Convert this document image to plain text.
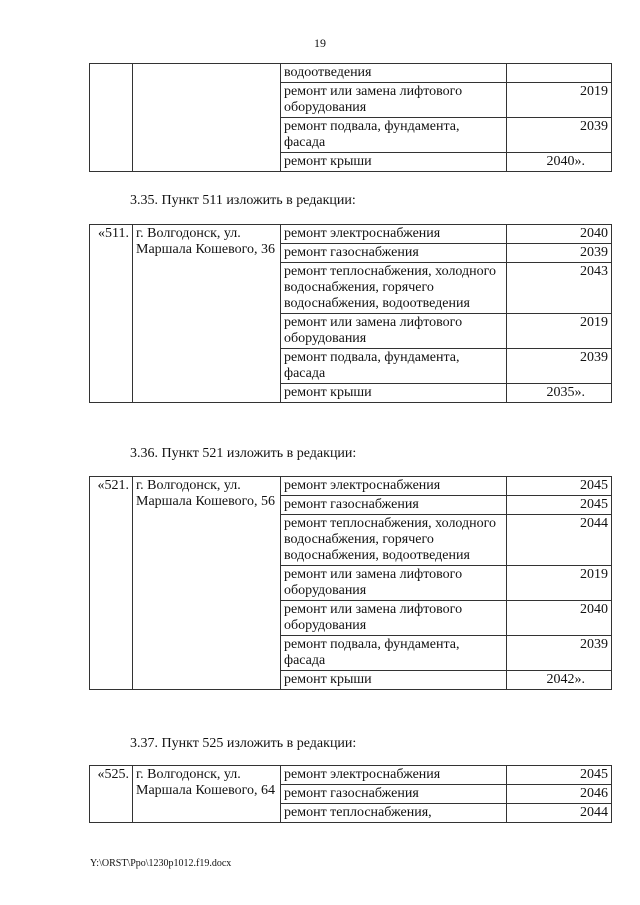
19
		водоотведения	
		ремонт или замена лифтового оборудования	2019
		ремонт подвала, фундамента, фасада	2039
		ремонт крыши	2040».
3.35. Пункт 511 изложить в редакции:
«511.	г. Волгодонск, ул. Маршала Кошевого, 36	ремонт электроснабжения	2040
		ремонт газоснабжения	2039
		ремонт теплоснабжения, холодного водоснабжения, горячего водоснабжения, водоотведения	2043
		ремонт или замена лифтового оборудования	2019
		ремонт подвала, фундамента, фасада	2039
		ремонт крыши	2035».
3.36. Пункт 521 изложить в редакции:
«521.	г. Волгодонск, ул. Маршала Кошевого, 56	ремонт электроснабжения	2045
		ремонт газоснабжения	2045
		ремонт теплоснабжения, холодного водоснабжения, горячего водоснабжения, водоотведения	2044
		ремонт или замена лифтового оборудования	2019
		ремонт или замена лифтового оборудования	2040
		ремонт подвала, фундамента, фасада	2039
		ремонт крыши	2042».
3.37. Пункт 525 изложить в редакции:
«525.	г. Волгодонск, ул. Маршала Кошевого, 64	ремонт электроснабжения	2045
		ремонт газоснабжения	2046
		ремонт теплоснабжения,	2044
Y:\ORST\Ppo\1230p1012.f19.docx
